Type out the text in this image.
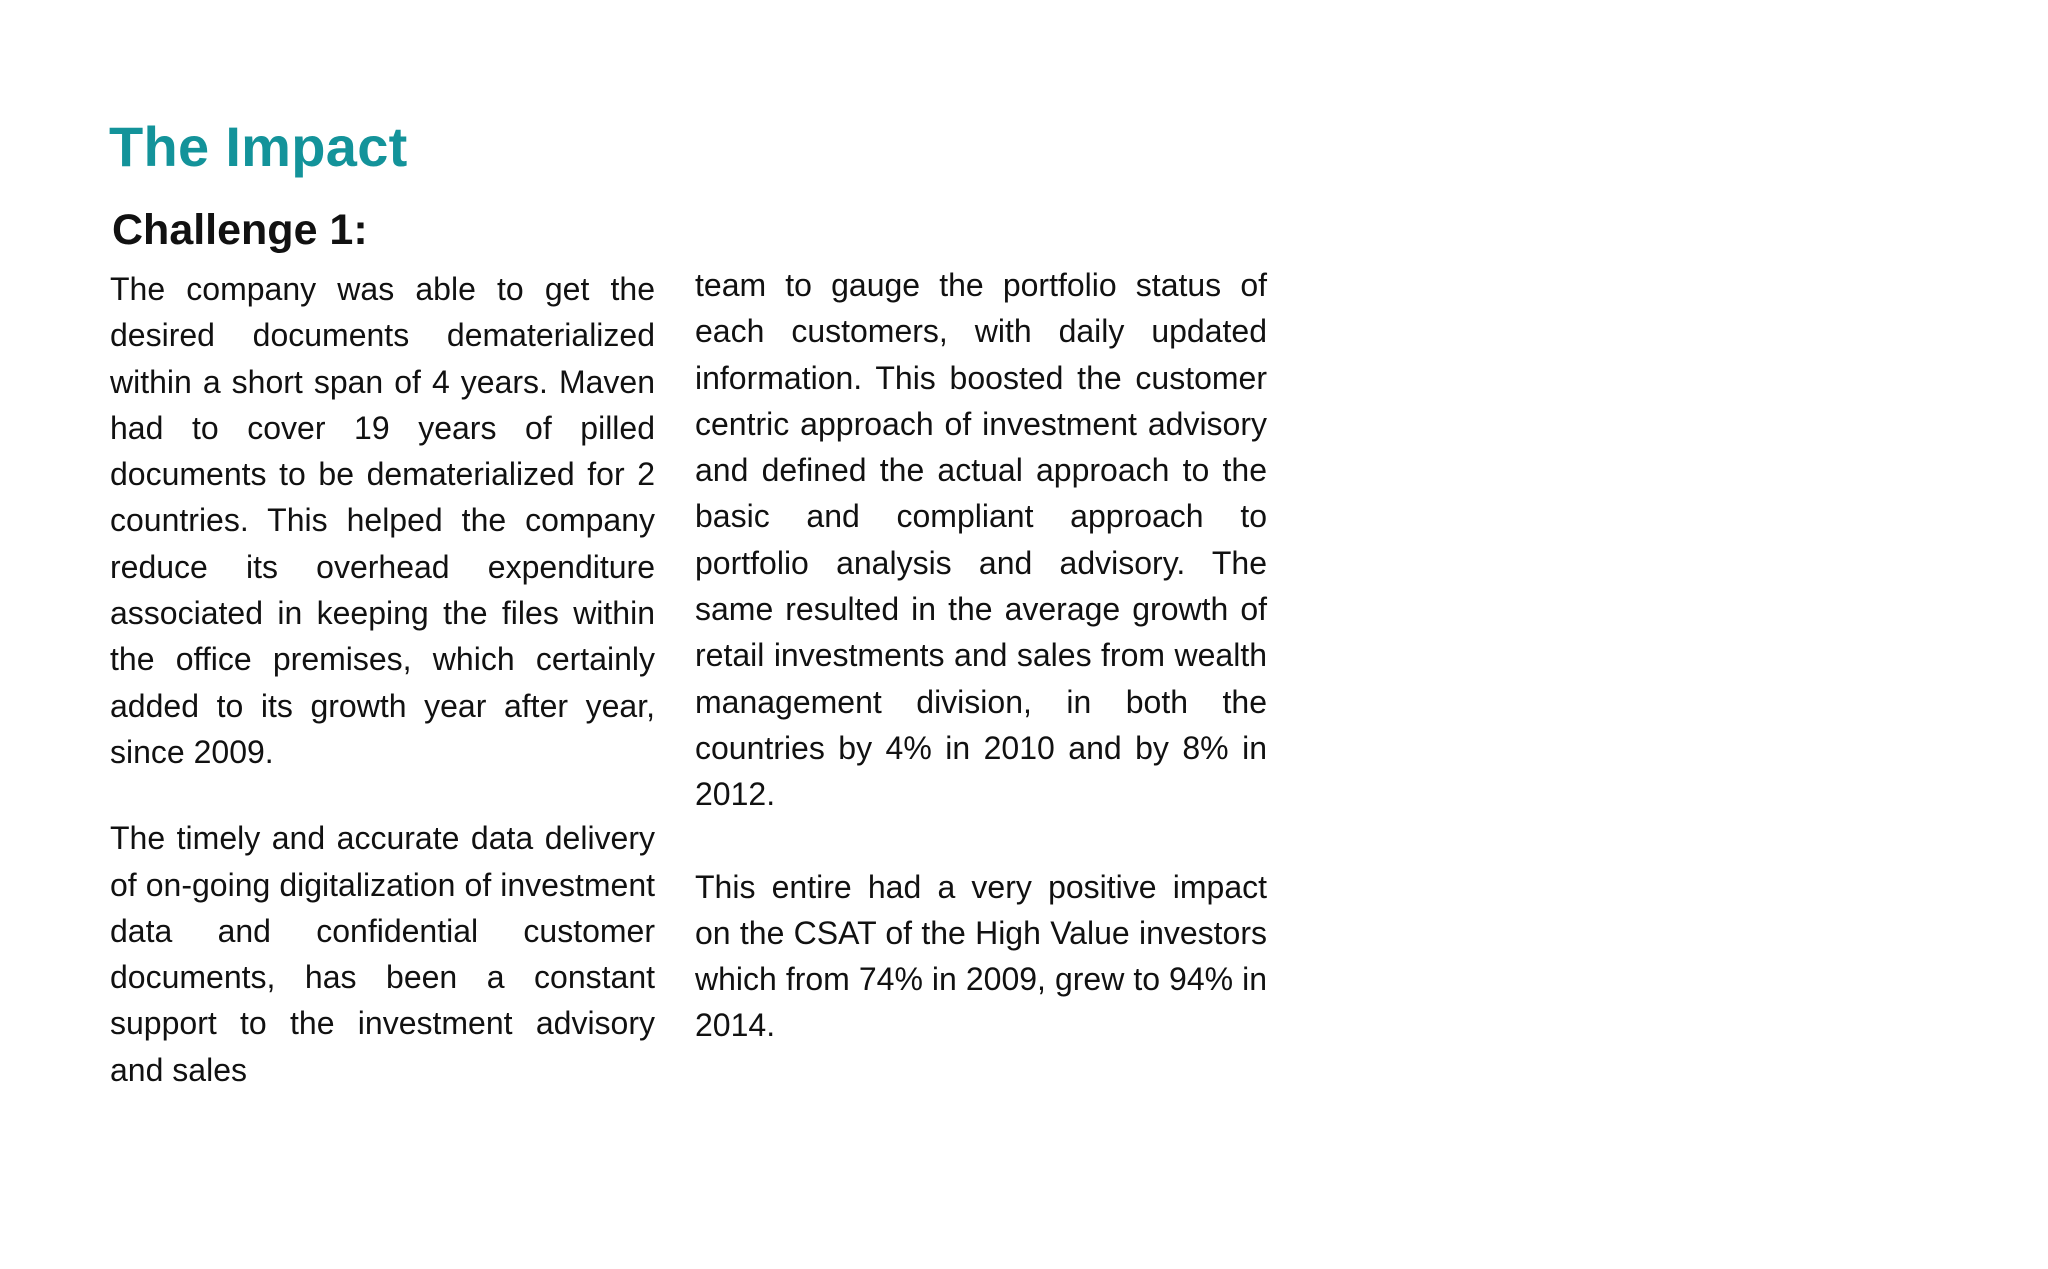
The Impact
Challenge 1:

The company was able to get the desired documents dematerialized within a short span of 4 years. Maven had to cover 19 years of pilled documents to be dematerialized for 2 countries. This helped the company reduce its overhead expenditure associated in keeping the files within the office premises, which certainly added to its growth year after year, since 2009.

The timely and accurate data delivery of on-going digitalization of investment data and confidential customer documents, has been a constant support to the investment advisory and sales

team to gauge the portfolio status of each customers, with daily updated information. This boosted the customer centric approach of investment advisory and defined the actual approach to the basic and compliant approach to portfolio analysis and advisory. The same resulted in the average growth of retail investments and sales from wealth management division, in both the countries by 4% in 2010 and by 8% in 2012.

This entire had a very positive impact on the CSAT of the High Value investors which from 74% in 2009, grew to 94% in 2014.
